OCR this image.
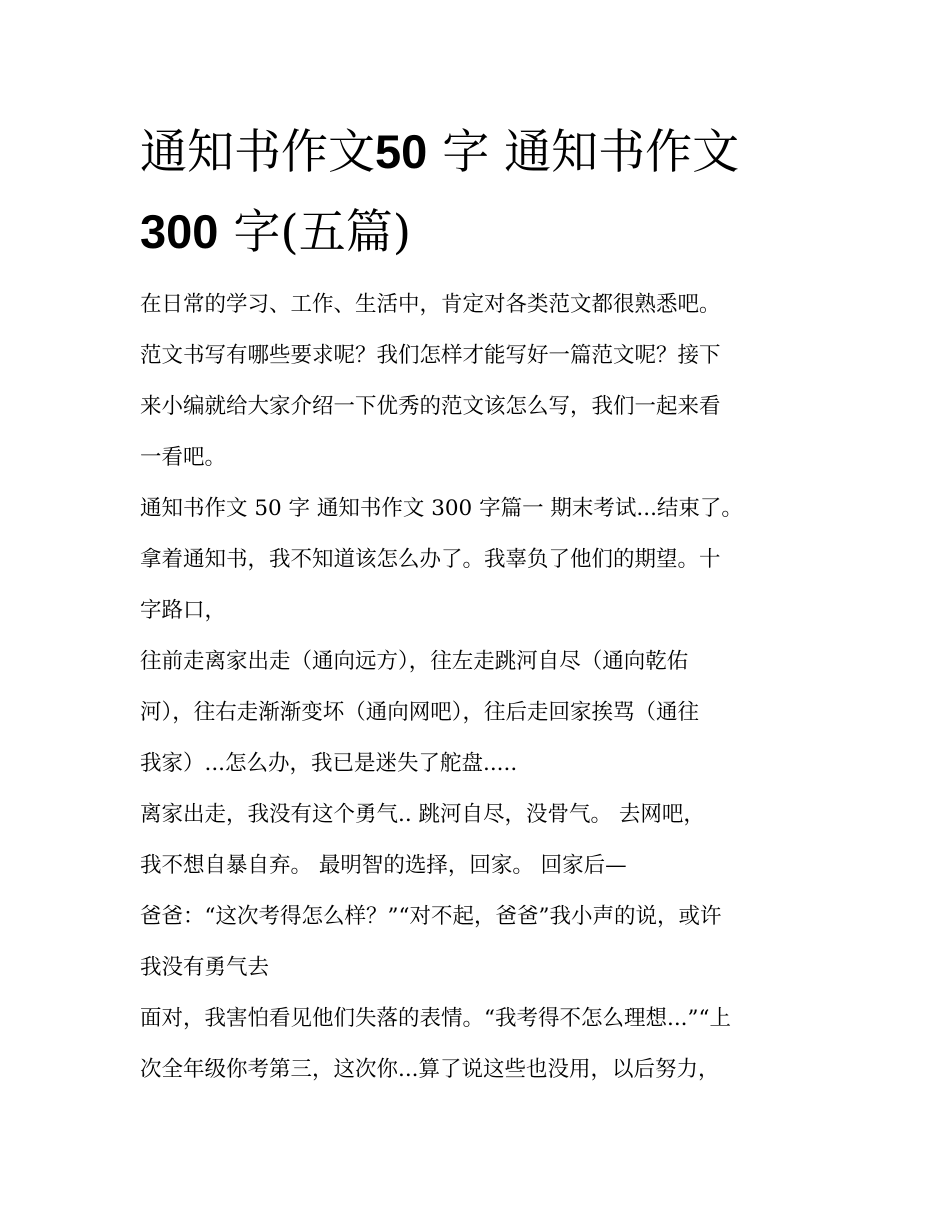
通知书作文50 字 通知书作文
300 字(五篇)
在日常的学习、工作、生活中，肯定对各类范文都很熟悉吧。
范文书写有哪些要求呢？我们怎样才能写好一篇范文呢？接下
来小编就给大家介绍一下优秀的范文该怎么写，我们一起来看
一看吧。
通知书作文 50 字 通知书作文 300 字篇一 期末考试...结束了。
拿着通知书，我不知道该怎么办了。我辜负了他们的期望。十
字路口，
往前走离家出走（通向远方），往左走跳河自尽（通向乾佑
河），往右走渐渐变坏（通向网吧），往后走回家挨骂（通往
我家）...怎么办，我已是迷失了舵盘.....
离家出走，我没有这个勇气.. 跳河自尽，没骨气。 去网吧，
我不想自暴自弃。 最明智的选择，回家。 回家后—
爸爸：“这次考得怎么样？”“对不起，爸爸”我小声的说，或许
我没有勇气去
面对，我害怕看见他们失落的表情。“我考得不怎么理想...”“上
次全年级你考第三，这次你...算了说这些也没用，以后努力，
